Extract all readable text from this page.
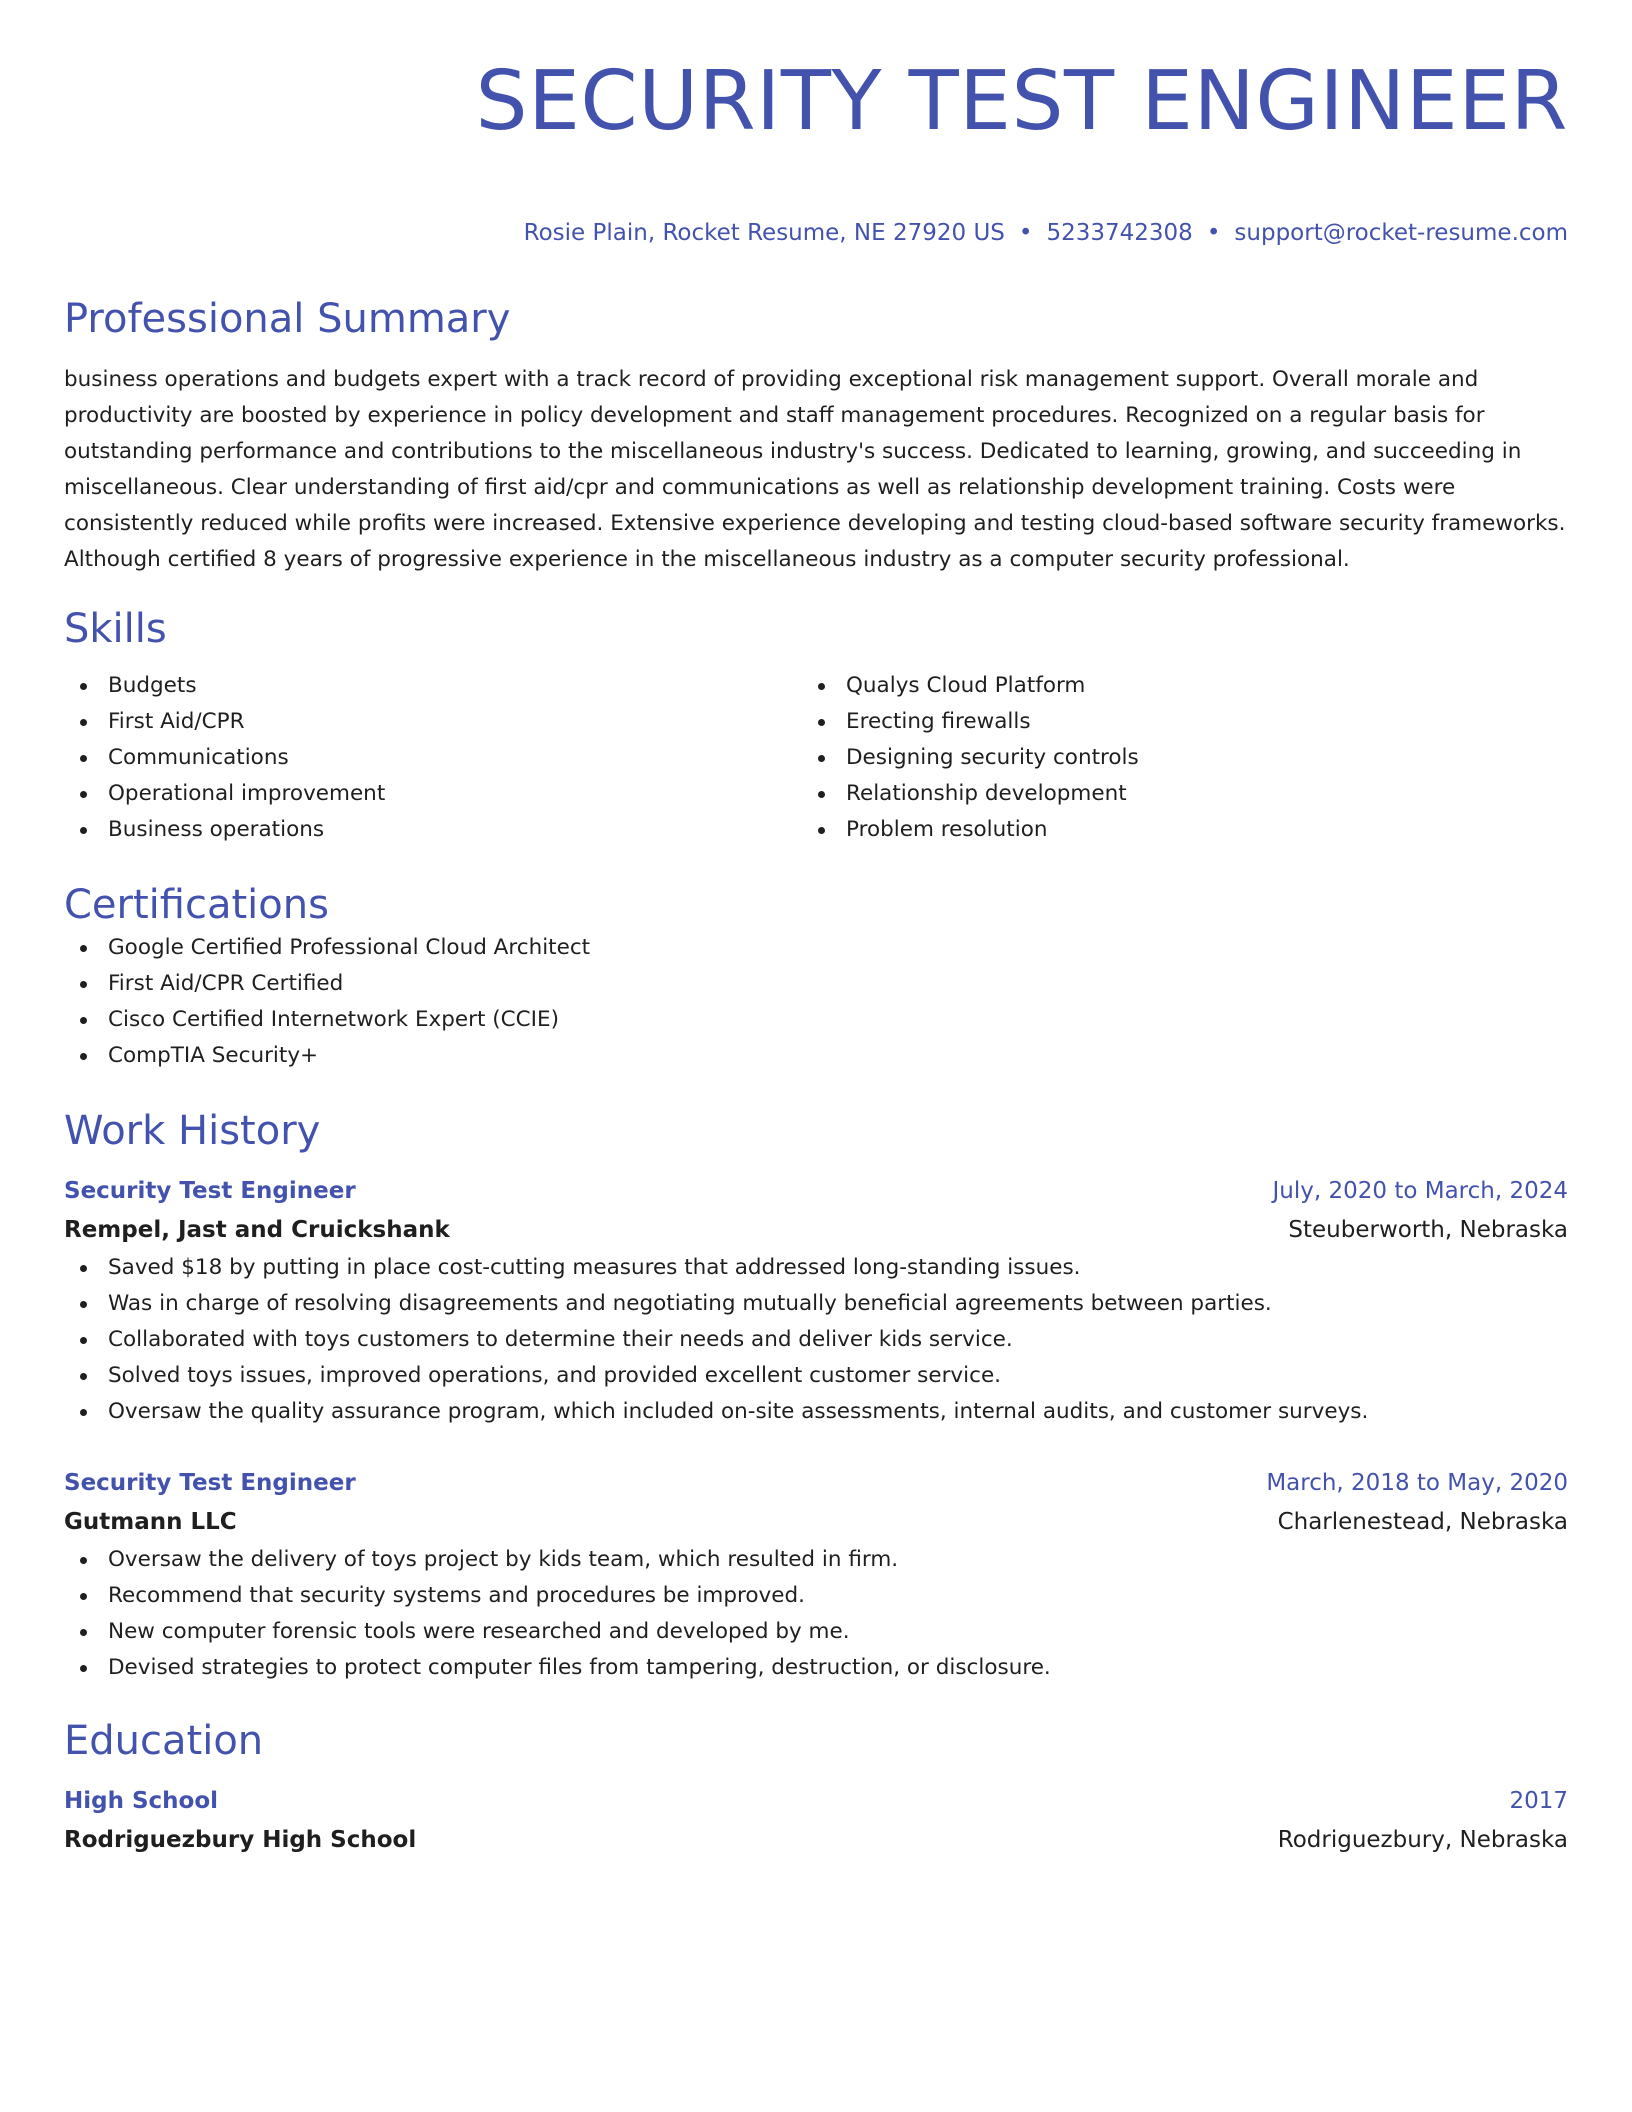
SECURITY TEST ENGINEER
Rosie Plain, Rocket Resume, NE 27920 US • 5233742308 • support@rocket-resume.com
Professional Summary

business operations and budgets expert with a track record of providing exceptional risk management support. Overall morale and productivity are boosted by experience in policy development and staff management procedures. Recognized on a regular basis for outstanding performance and contributions to the miscellaneous industry's success. Dedicated to learning, growing, and succeeding in miscellaneous. Clear understanding of first aid/cpr and communications as well as relationship development training. Costs were consistently reduced while profits were increased. Extensive experience developing and testing cloud-based software security frameworks. Although certified 8 years of progressive experience in the miscellaneous industry as a computer security professional.

Skills
Budgets
First Aid/CPR
Communications
Operational improvement
Business operations
Qualys Cloud Platform
Erecting firewalls
Designing security controls
Relationship development
Problem resolution
Certifications
Google Certified Professional Cloud Architect
First Aid/CPR Certified
Cisco Certified Internetwork Expert (CCIE)
CompTIA Security+
Work History
Security Test Engineer	July, 2020 to March, 2024
Rempel, Jast and Cruickshank	Steuberworth, Nebraska
Saved $18 by putting in place cost-cutting measures that addressed long-standing issues.
Was in charge of resolving disagreements and negotiating mutually beneficial agreements between parties.
Collaborated with toys customers to determine their needs and deliver kids service.
Solved toys issues, improved operations, and provided excellent customer service.
Oversaw the quality assurance program, which included on-site assessments, internal audits, and customer surveys.
Security Test Engineer	March, 2018 to May, 2020
Gutmann LLC	Charlenestead, Nebraska
Oversaw the delivery of toys project by kids team, which resulted in firm.
Recommend that security systems and procedures be improved.
New computer forensic tools were researched and developed by me.
Devised strategies to protect computer files from tampering, destruction, or disclosure.
Education
High School	2017
Rodriguezbury High School	Rodriguezbury, Nebraska
